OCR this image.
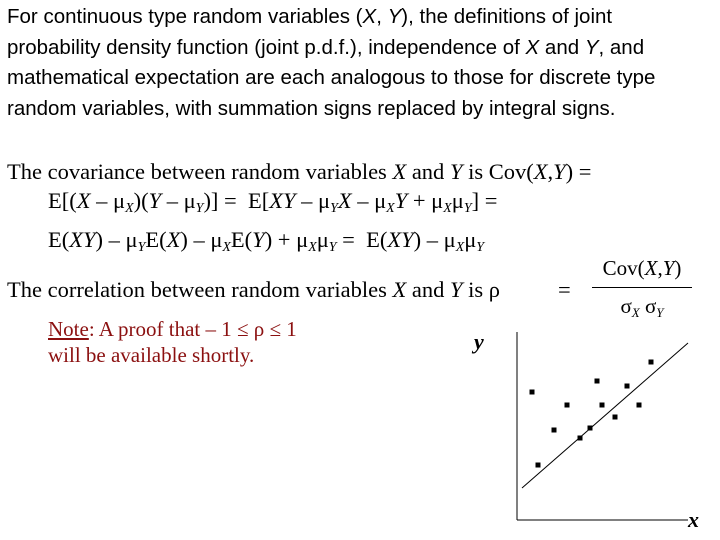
For continuous type random variables (X, Y), the definitions of joint
probability density function (joint p.d.f.), independence of X and Y, and
mathematical expectation are each analogous to those for discrete type
random variables, with summation signs replaced by integral signs.
The covariance between random variables X and Y is Cov(X,Y) =
$E[(X - \mu_X)(Y - \mu_Y)] = E[XY - \mu_YX - \mu_XY + \mu_X\mu_Y]$ =
$E(XY) - \mu_YE(X) - \mu_XE(Y) + \mu_X\mu_Y = E(XY) - \mu_X\mu_Y$
The correlation between random variables X and Y is ρ	=
Cov(X,Y)
$\sigma_X$ $\sigma_Y$
Note: A proof that – 1 ≤ ρ ≤ 1
will be available shortly.
y
x
